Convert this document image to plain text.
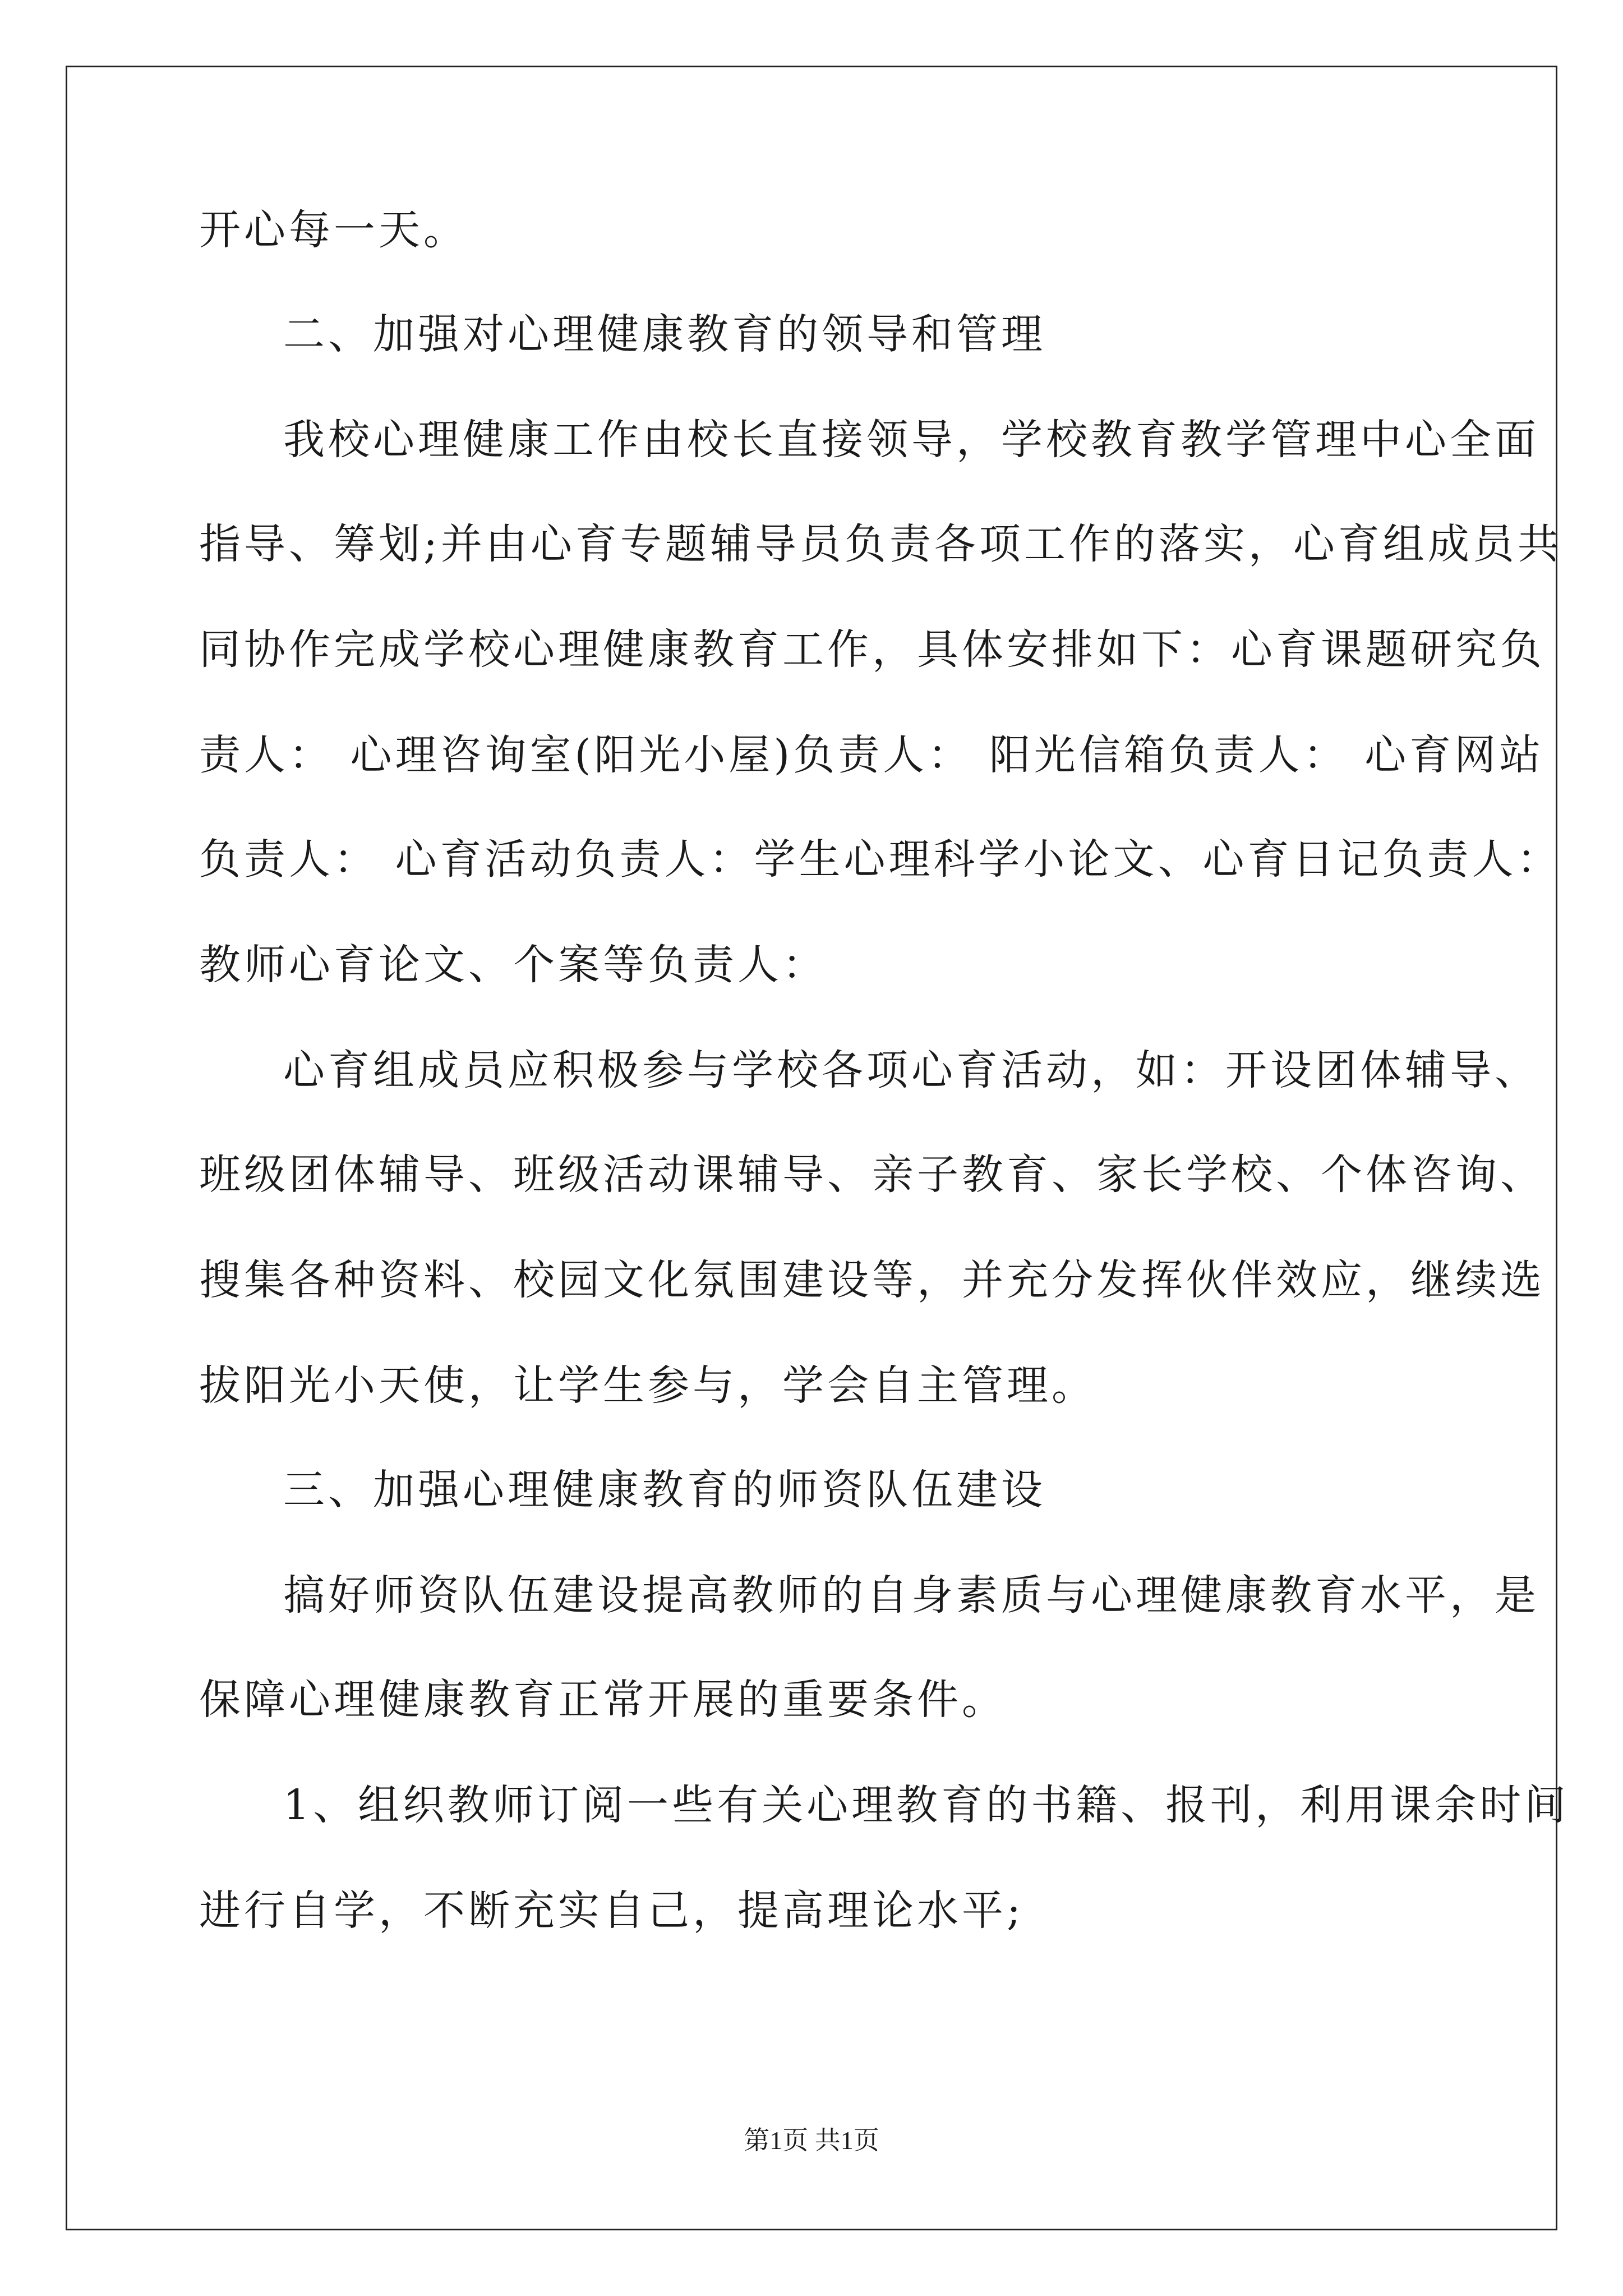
开心每一天。
二、加强对心理健康教育的领导和管理
我校心理健康工作由校长直接领导，学校教育教学管理中心全面
指导、筹划;并由心育专题辅导员负责各项工作的落实，心育组成员共
同协作完成学校心理健康教育工作，具体安排如下：心育课题研究负
责人： 心理咨询室(阳光小屋)负责人： 阳光信箱负责人： 心育网站
负责人： 心育活动负责人：学生心理科学小论文、心育日记负责人：
教师心育论文、个案等负责人：
心育组成员应积极参与学校各项心育活动，如：开设团体辅导、
班级团体辅导、班级活动课辅导、亲子教育、家长学校、个体咨询、
搜集各种资料、校园文化氛围建设等，并充分发挥伙伴效应，继续选
拔阳光小天使，让学生参与，学会自主管理。
三、加强心理健康教育的师资队伍建设
搞好师资队伍建设提高教师的自身素质与心理健康教育水平，是
保障心理健康教育正常开展的重要条件。
1、组织教师订阅一些有关心理教育的书籍、报刊，利用课余时间
进行自学，不断充实自己，提高理论水平;
第1页 共1页
